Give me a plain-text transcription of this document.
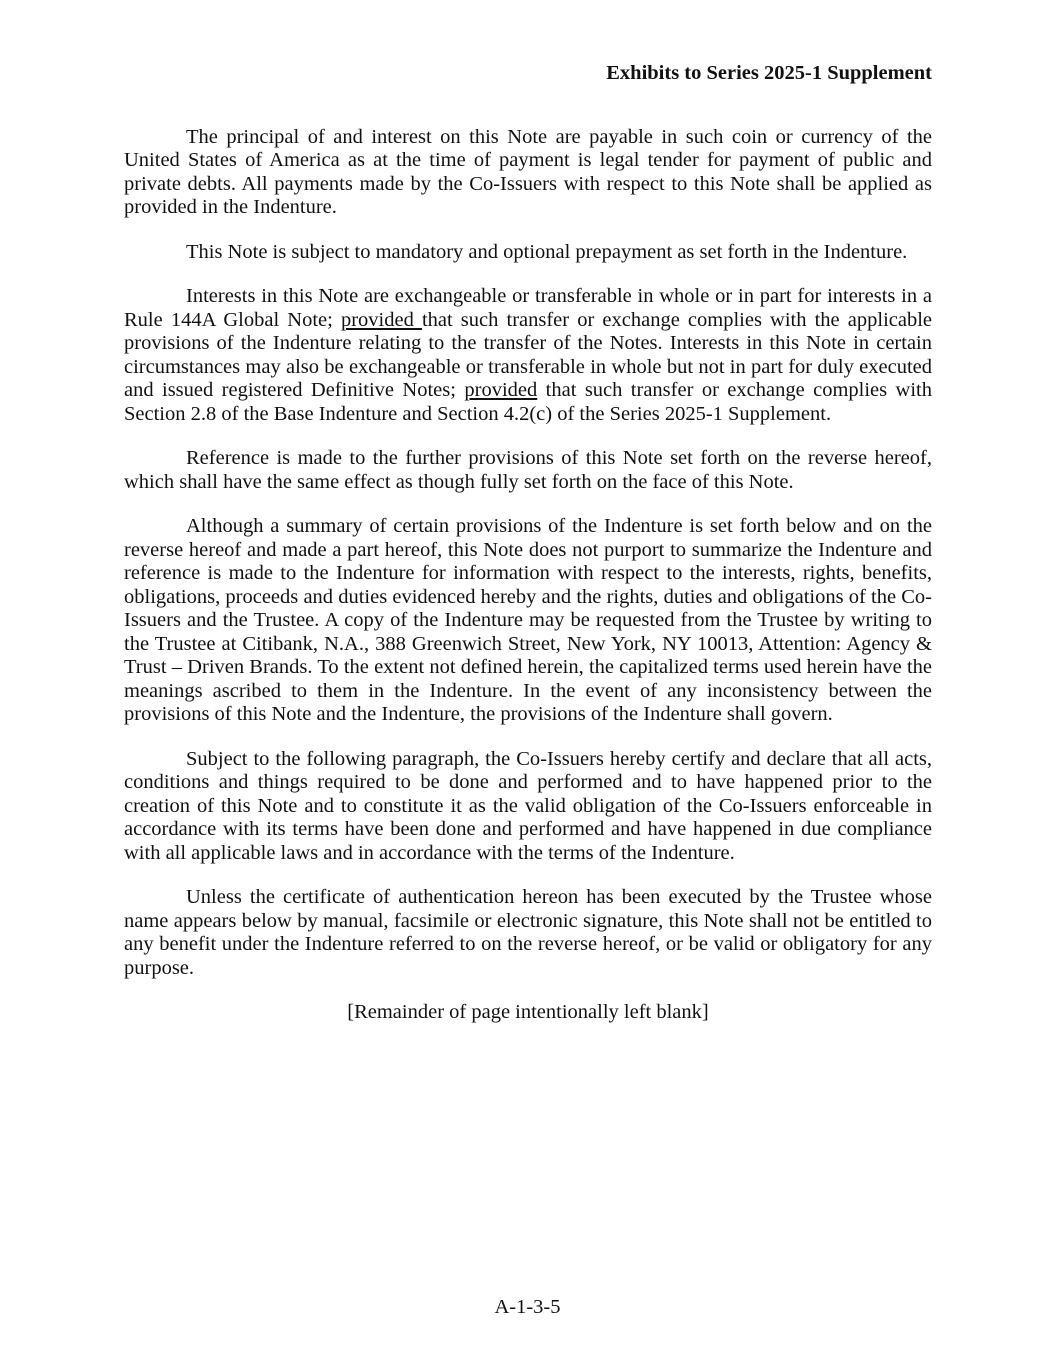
Exhibits to Series 2025-1 Supplement

The principal of and interest on this Note are payable in such coin or currency of the United States of America as at the time of payment is legal tender for payment of public and private debts. All payments made by the Co-Issuers with respect to this Note shall be applied as provided in the Indenture.

This Note is subject to mandatory and optional prepayment as set forth in the Indenture.

Interests in this Note are exchangeable or transferable in whole or in part for interests in a Rule 144A Global Note; provided that such transfer or exchange complies with the applicable provisions of the Indenture relating to the transfer of the Notes. Interests in this Note in certain circumstances may also be exchangeable or transferable in whole but not in part for duly executed and issued registered Definitive Notes; provided that such transfer or exchange complies with Section 2.8 of the Base Indenture and Section 4.2(c) of the Series 2025-1 Supplement.

Reference is made to the further provisions of this Note set forth on the reverse hereof, which shall have the same effect as though fully set forth on the face of this Note.

Although a summary of certain provisions of the Indenture is set forth below and on the reverse hereof and made a part hereof, this Note does not purport to summarize the Indenture and reference is made to the Indenture for information with respect to the interests, rights, benefits, obligations, proceeds and duties evidenced hereby and the rights, duties and obligations of the Co-Issuers and the Trustee. A copy of the Indenture may be requested from the Trustee by writing to the Trustee at Citibank, N.A., 388 Greenwich Street, New York, NY 10013, Attention: Agency & Trust – Driven Brands. To the extent not defined herein, the capitalized terms used herein have the meanings ascribed to them in the Indenture. In the event of any inconsistency between the provisions of this Note and the Indenture, the provisions of the Indenture shall govern.

Subject to the following paragraph, the Co-Issuers hereby certify and declare that all acts, conditions and things required to be done and performed and to have happened prior to the creation of this Note and to constitute it as the valid obligation of the Co-Issuers enforceable in accordance with its terms have been done and performed and have happened in due compliance with all applicable laws and in accordance with the terms of the Indenture.

Unless the certificate of authentication hereon has been executed by the Trustee whose name appears below by manual, facsimile or electronic signature, this Note shall not be entitled to any benefit under the Indenture referred to on the reverse hereof, or be valid or obligatory for any purpose.

[Remainder of page intentionally left blank]

A-1-3-5
